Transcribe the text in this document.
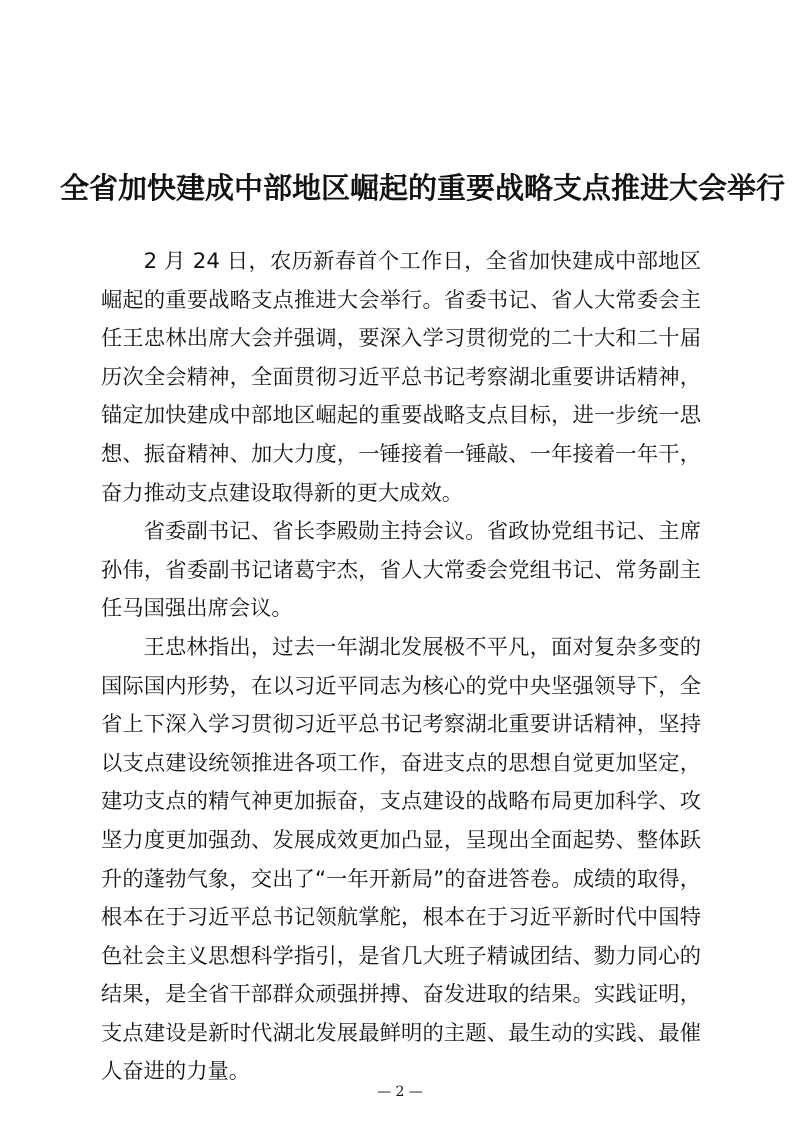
全省加快建成中部地区崛起的重要战略支点推进大会举行

2 月 24 日，农历新春首个工作日，全省加快建成中部地区崛起的重要战略支点推进大会举行。省委书记、省人大常委会主任王忠林出席大会并强调，要深入学习贯彻党的二十大和二十届历次全会精神，全面贯彻习近平总书记考察湖北重要讲话精神，锚定加快建成中部地区崛起的重要战略支点目标，进一步统一思想、振奋精神、加大力度，一锤接着一锤敲、一年接着一年干，奋力推动支点建设取得新的更大成效。

省委副书记、省长李殿勋主持会议。省政协党组书记、主席孙伟，省委副书记诸葛宇杰，省人大常委会党组书记、常务副主任马国强出席会议。

王忠林指出，过去一年湖北发展极不平凡，面对复杂多变的国际国内形势，在以习近平同志为核心的党中央坚强领导下，全省上下深入学习贯彻习近平总书记考察湖北重要讲话精神，坚持以支点建设统领推进各项工作，奋进支点的思想自觉更加坚定，建功支点的精气神更加振奋，支点建设的战略布局更加科学、攻坚力度更加强劲、发展成效更加凸显，呈现出全面起势、整体跃升的蓬勃气象，交出了“一年开新局”的奋进答卷。成绩的取得，根本在于习近平总书记领航掌舵，根本在于习近平新时代中国特色社会主义思想科学指引，是省几大班子精诚团结、勠力同心的结果，是全省干部群众顽强拼搏、奋发进取的结果。实践证明，支点建设是新时代湖北发展最鲜明的主题、最生动的实践、最催人奋进的力量。

— 2 —
